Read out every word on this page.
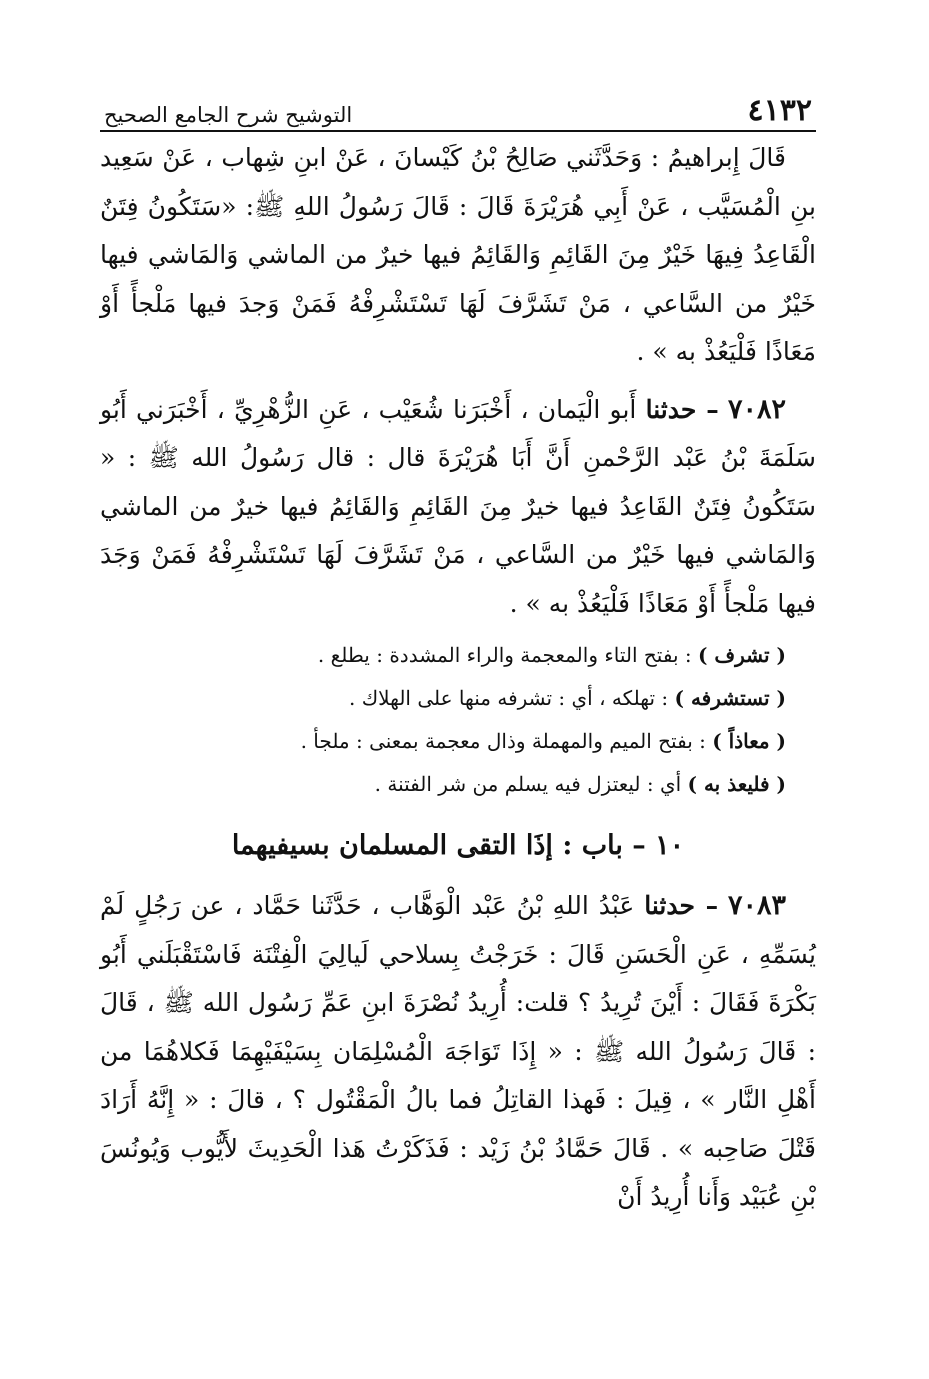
٤١٣٢
التوشيح شرح الجامع الصحيح

قَالَ إِبراهيمُ : وَحَدَّثَني صَالِحُ بْنُ كَيْسانَ ، عَنْ ابنِ شِهاب ، عَنْ سَعِيد بنِ الْمُسَيَّب ، عَنْ أَبِي هُرَيْرَةَ قَالَ : قَالَ رَسُولُ اللهِ ﷺ: «سَتَكُونُ فِتَنٌ الْقَاعِدُ فِيهَا خَيْرٌ مِنَ القَائِمِ وَالقَائِمُ فيها خيرٌ من الماشي وَالمَاشي فيها خَيْرٌ من السَّاعي ، مَنْ تَشَرَّفَ لَهَا تَسْتَشْرِفْهُ فَمَنْ وَجدَ فيها مَلْجأً أَوْ مَعَاذًا فَلْيَعُذْ به » .

٧٠٨٢ – حدثنا أَبو الْيَمان ، أَخْبَرَنا شُعَيْب ، عَنِ الزُّهْرِيِّ ، أَخْبَرَني أَبُو سَلَمَةَ بْنُ عَبْد الرَّحْمنِ أَنَّ أَبَا هُرَيْرَةَ قال : قال رَسُولُ الله ﷺ : « سَتَكُونُ فِتَنٌ القَاعِدُ فيها خيرٌ مِنَ القَائِمِ وَالقَائِمُ فيها خيرٌ من الماشي وَالمَاشي فيها خَيْرٌ من السَّاعي ، مَنْ تَشَرَّفَ لَهَا تَسْتَشْرِفْهُ فَمَنْ وَجَدَ فيها مَلْجأً أَوْ مَعَاذًا فَلْيَعُذْ به » .

( تشرف ) : بفتح التاء والمعجمة والراء المشددة : يطلع .

( تستشرفه ) : تهلكه ، أي : تشرفه منها على الهلاك .

( معاذاً ) : بفتح الميم والمهملة وذال معجمة بمعنى : ملجأ .

( فليعذ به ) أي : ليعتزل فيه يسلم من شر الفتنة .

١٠ – باب : إذَا التقى المسلمان بسيفيهما

٧٠٨٣ – حدثنا عَبْدُ اللهِ بْنُ عَبْد الْوَهَّاب ، حَدَّثَنا حَمَّاد ، عن رَجُلٍ لَمْ يُسَمِّهِ ، عَنِ الْحَسَنِ قَالَ : خَرَجْتُ بِسلاحي لَيالِيَ الْفِتْنَة فَاسْتَقْبَلَني أَبُو بَكْرَةَ فَقَالَ : أَيْنَ تُرِيدُ ؟ قلت: أُرِيدُ نُصْرَةَ ابنِ عَمِّ رَسُول الله ﷺ ، قَالَ : قَالَ رَسُولُ الله ﷺ : « إِذَا تَوَاجَهَ الْمُسْلِمَان بِسَيْفَيْهِمَا فَكلاهُمَا من أَهْلِ النَّار » ، قِيلَ : فَهذا القاتِلُ فما بالُ الْمَقْتُول ؟ ، قالَ : « إِنَّهُ أَرَادَ قَتْلَ صَاحِبه » . قَالَ حَمَّادُ بْنُ زَيْد : فَذَكَرْتُ هَذا الْحَدِيثَ لأَيُّوب وَيُونُسَ بْنِ عُبَيْد وَأَنا أُرِيدُ أَنْ
